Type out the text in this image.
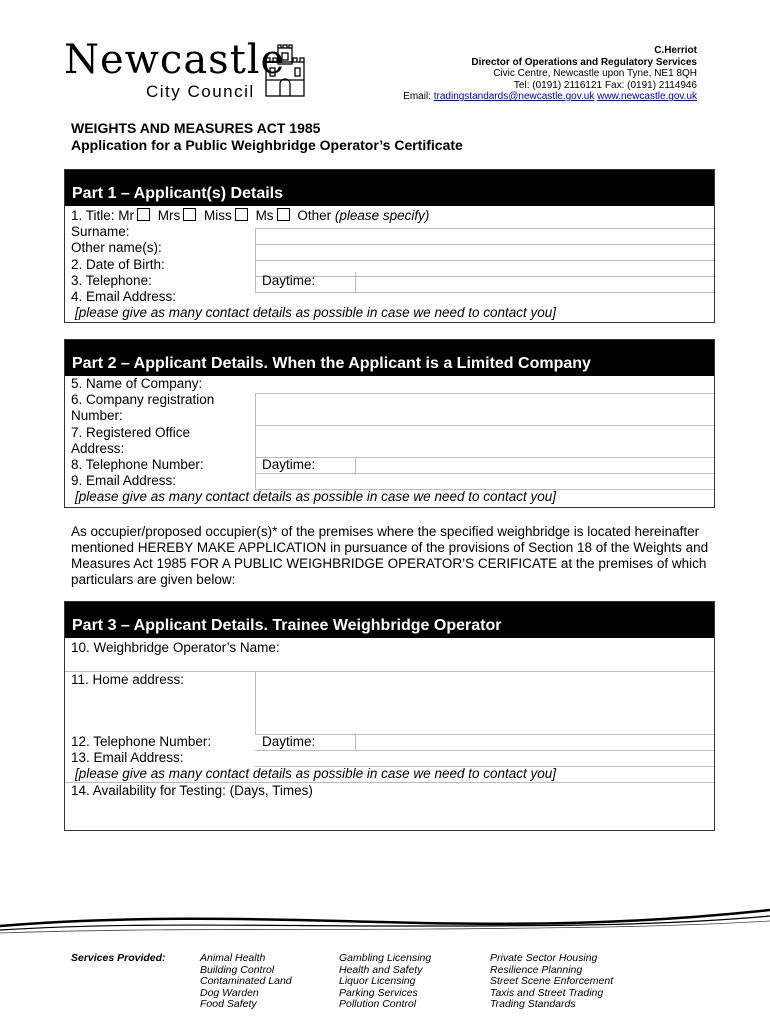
Newcastle
City Council
C.Herriot
Director of Operations and Regulatory Services
Civic Centre, Newcastle upon Tyne, NE1 8QH
Tel: (0191) 2116121 Fax: (0191) 2114946
Email: tradingstandards@newcastle.gov.uk www.newcastle.gov.uk
WEIGHTS AND MEASURES ACT 1985
Application for a Public Weighbridge Operator’s Certificate
Part 1 – Applicant(s) Details
1. Title: Mr Mrs Miss Ms Other (please specify)
Surname:
Other name(s):
2. Date of Birth:
3. Telephone:	Daytime:
4. Email Address:
[please give as many contact details as possible in case we need to contact you]
Part 2 – Applicant Details. When the Applicant is a Limited Company
5. Name of Company:
6. Company registration
Number:
7. Registered Office
Address:
8. Telephone Number:	Daytime:
9. Email Address:
[please give as many contact details as possible in case we need to contact you]
As occupier/proposed occupier(s)* of the premises where the specified weighbridge is located hereinafter mentioned HEREBY MAKE APPLICATION in pursuance of the provisions of Section 18 of the Weights and Measures Act 1985 FOR A PUBLIC WEIGHBRIDGE OPERATOR’S CERIFICATE at the premises of which particulars are given below:
Part 3 – Applicant Details. Trainee Weighbridge Operator
10. Weighbridge Operator’s Name:
11. Home address:
12. Telephone Number:	Daytime:
13. Email Address:
[please give as many contact details as possible in case we need to contact you]
14. Availability for Testing: (Days, Times)
Services Provided:	Animal Health
Building Control
Contaminated Land
Dog Warden
Food Safety
Gambling Licensing
Health and Safety
Liquor Licensing
Parking Services
Pollution Control
Private Sector Housing
Resilience Planning
Street Scene Enforcement
Taxis and Street Trading
Trading Standards
